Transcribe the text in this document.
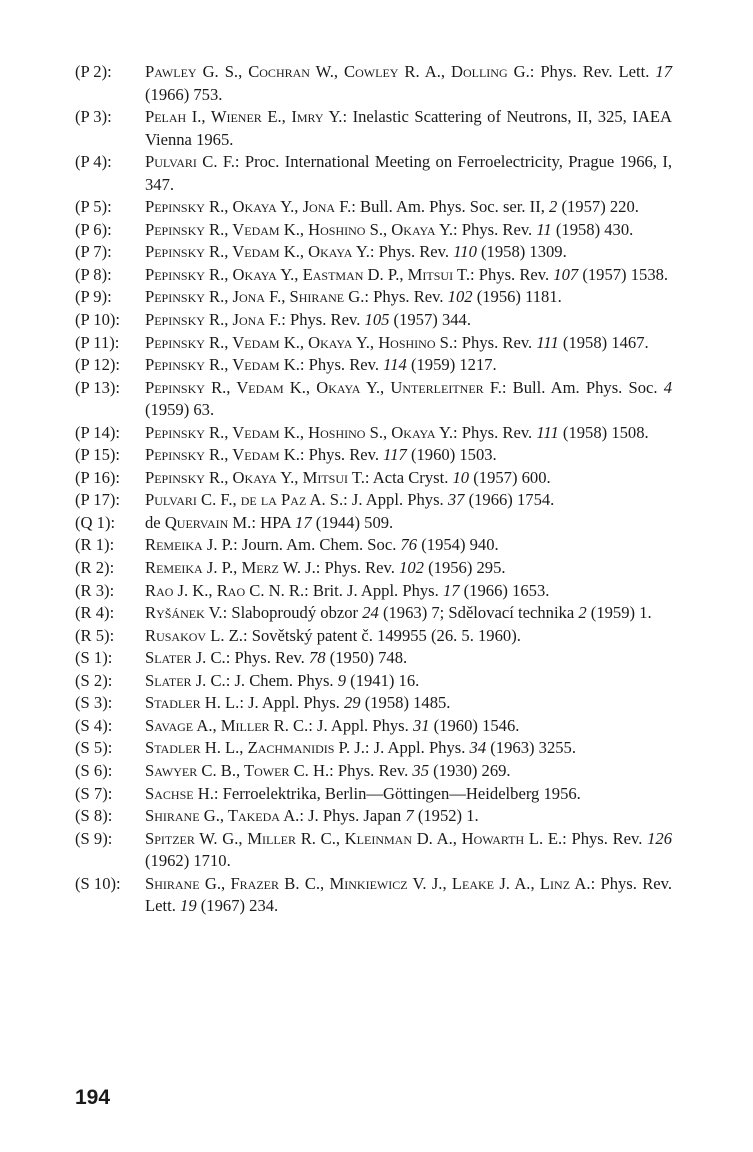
(P 2):	Pawley G. S., Cochran W., Cowley R. A., Dolling G.: Phys. Rev. Lett. 17 (1966) 753.
(P 3):	Pelah I., Wiener E., Imry Y.: Inelastic Scattering of Neutrons, II, 325, IAEA Vienna 1965.
(P 4):	Pulvari C. F.: Proc. International Meeting on Ferroelectricity, Prague 1966, I, 347.
(P 5):	Pepinsky R., Okaya Y., Jona F.: Bull. Am. Phys. Soc. ser. II, 2 (1957) 220.
(P 6):	Pepinsky R., Vedam K., Hoshino S., Okaya Y.: Phys. Rev. 11 (1958) 430.
(P 7):	Pepinsky R., Vedam K., Okaya Y.: Phys. Rev. 110 (1958) 1309.
(P 8):	Pepinsky R., Okaya Y., Eastman D. P., Mitsui T.: Phys. Rev. 107 (1957) 1538.
(P 9):	Pepinsky R., Jona F., Shirane G.: Phys. Rev. 102 (1956) 1181.
(P 10):	Pepinsky R., Jona F.: Phys. Rev. 105 (1957) 344.
(P 11):	Pepinsky R., Vedam K., Okaya Y., Hoshino S.: Phys. Rev. 111 (1958) 1467.
(P 12):	Pepinsky R., Vedam K.: Phys. Rev. 114 (1959) 1217.
(P 13):	Pepinsky R., Vedam K., Okaya Y., Unterleitner F.: Bull. Am. Phys. Soc. 4 (1959) 63.
(P 14):	Pepinsky R., Vedam K., Hoshino S., Okaya Y.: Phys. Rev. 111 (1958) 1508.
(P 15):	Pepinsky R., Vedam K.: Phys. Rev. 117 (1960) 1503.
(P 16):	Pepinsky R., Okaya Y., Mitsui T.: Acta Cryst. 10 (1957) 600.
(P 17):	Pulvari C. F., de la Paz A. S.: J. Appl. Phys. 37 (1966) 1754.
(Q 1):	de Quervain M.: HPA 17 (1944) 509.
(R 1):	Remeika J. P.: Journ. Am. Chem. Soc. 76 (1954) 940.
(R 2):	Remeika J. P., Merz W. J.: Phys. Rev. 102 (1956) 295.
(R 3):	Rao J. K., Rao C. N. R.: Brit. J. Appl. Phys. 17 (1966) 1653.
(R 4):	Ryšánek V.: Slaboproudý obzor 24 (1963) 7; Sdělovací technika 2 (1959) 1.
(R 5):	Rusakov L. Z.: Sovětský patent č. 149955 (26. 5. 1960).
(S 1):	Slater J. C.: Phys. Rev. 78 (1950) 748.
(S 2):	Slater J. C.: J. Chem. Phys. 9 (1941) 16.
(S 3):	Stadler H. L.: J. Appl. Phys. 29 (1958) 1485.
(S 4):	Savage A., Miller R. C.: J. Appl. Phys. 31 (1960) 1546.
(S 5):	Stadler H. L., Zachmanidis P. J.: J. Appl. Phys. 34 (1963) 3255.
(S 6):	Sawyer C. B., Tower C. H.: Phys. Rev. 35 (1930) 269.
(S 7):	Sachse H.: Ferroelektrika, Berlin—Göttingen—Heidelberg 1956.
(S 8):	Shirane G., Takeda A.: J. Phys. Japan 7 (1952) 1.
(S 9):	Spitzer W. G., Miller R. C., Kleinman D. A., Howarth L. E.: Phys. Rev. 126 (1962) 1710.
(S 10):	Shirane G., Frazer B. C., Minkiewicz V. J., Leake J. A., Linz A.: Phys. Rev. Lett. 19 (1967) 234.
194
